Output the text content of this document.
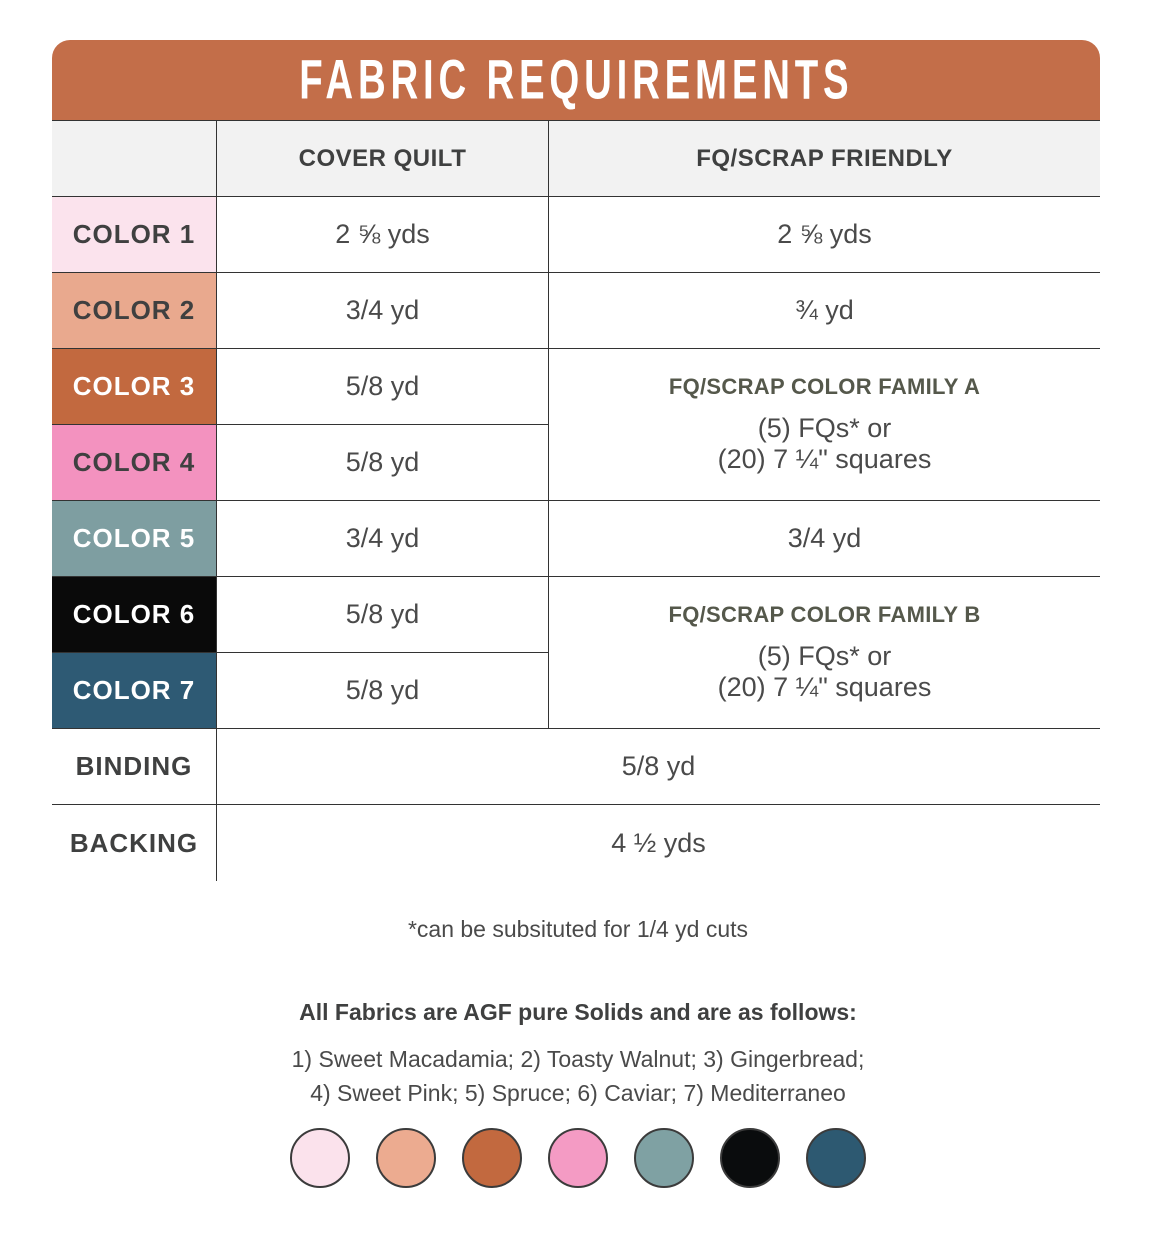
FABRIC REQUIREMENTS
COVER QUILT	FQ/SCRAP FRIENDLY
COLOR 1	2 ⅝ yds	2 ⅝ yds
COLOR 2	3/4 yd	¾ yd
COLOR 3	5/8 yd	FQ/SCRAP COLOR FAMILY A
(5) FQs* or
(20) 7 ¼" squares
COLOR 4	5/8 yd
COLOR 5	3/4 yd	3/4 yd
COLOR 6	5/8 yd	FQ/SCRAP COLOR FAMILY B
(5) FQs* or
(20) 7 ¼" squares
COLOR 7	5/8 yd
BINDING	5/8 yd
BACKING	4 ½ yds
*can be subsituted for 1/4 yd cuts
All Fabrics are AGF pure Solids and are as follows:
1) Sweet Macadamia; 2) Toasty Walnut; 3) Gingerbread;
4) Sweet Pink; 5) Spruce; 6) Caviar; 7) Mediterraneo
